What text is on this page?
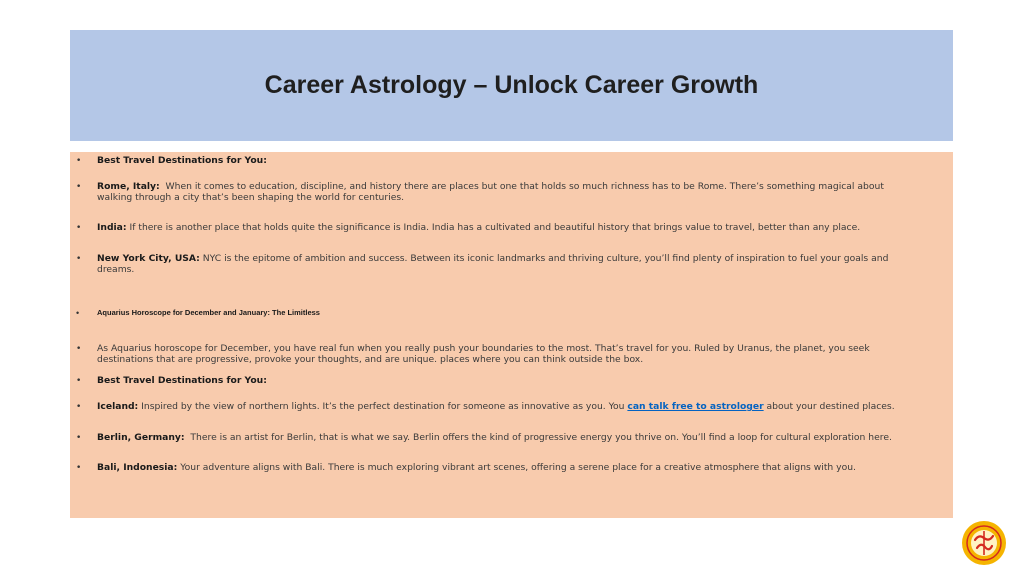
Career Astrology – Unlock Career Growth
• Best Travel Destinations for You:
• Rome, Italy: When it comes to education, discipline, and history there are places but one that holds so much richness has to be Rome. There’s something magical about walking through a city that’s been shaping the world for centuries.
• India: If there is another place that holds quite the significance is India. India has a cultivated and beautiful history that brings value to travel, better than any place.
• New York City, USA: NYC is the epitome of ambition and success. Between its iconic landmarks and thriving culture, you’ll find plenty of inspiration to fuel your goals and dreams.
• Aquarius Horoscope for December and January: The Limitless
• As Aquarius horoscope for December, you have real fun when you really push your boundaries to the most. That’s travel for you. Ruled by Uranus, the planet, you seek destinations that are progressive, provoke your thoughts, and are unique. places where you can think outside the box.
• Best Travel Destinations for You:
• Iceland: Inspired by the view of northern lights. It’s the perfect destination for someone as innovative as you. You can talk free to astrologer about your destined places.
• Berlin, Germany: There is an artist for Berlin, that is what we say. Berlin offers the kind of progressive energy you thrive on. You’ll find a loop for cultural exploration here.
• Bali, Indonesia: Your adventure aligns with Bali. There is much exploring vibrant art scenes, offering a serene place for a creative atmosphere that aligns with you.
